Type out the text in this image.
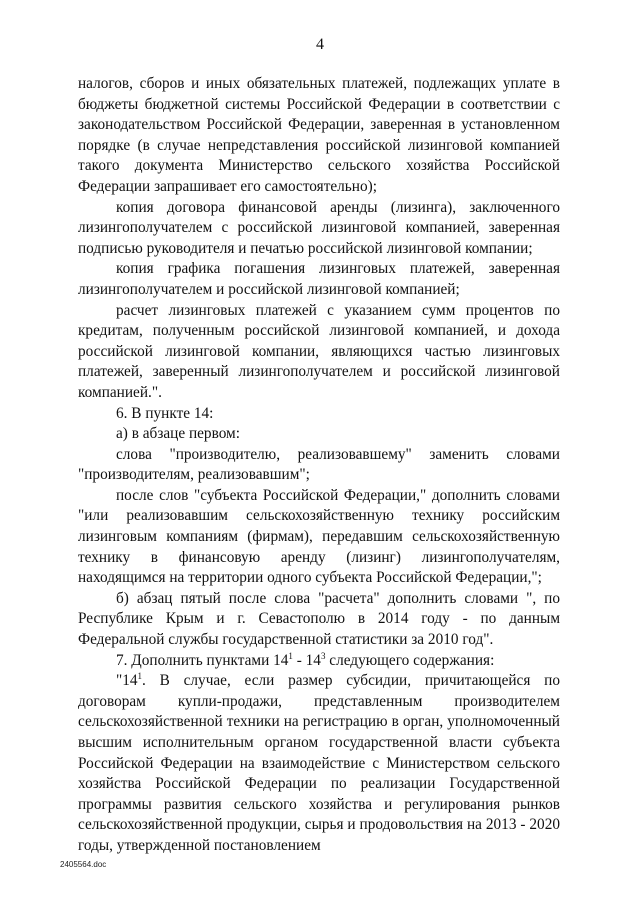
4

налогов, сборов и иных обязательных платежей, подлежащих уплате в бюджеты бюджетной системы Российской Федерации в соответствии с законодательством Российской Федерации, заверенная в установленном порядке (в случае непредставления российской лизинговой компанией такого документа Министерство сельского хозяйства Российской Федерации запрашивает его самостоятельно);

копия договора финансовой аренды (лизинга), заключенного лизингополучателем с российской лизинговой компанией, заверенная подписью руководителя и печатью российской лизинговой компании;

копия графика погашения лизинговых платежей, заверенная лизингополучателем и российской лизинговой компанией;

расчет лизинговых платежей с указанием сумм процентов по кредитам, полученным российской лизинговой компанией, и дохода российской лизинговой компании, являющихся частью лизинговых платежей, заверенный лизингополучателем и российской лизинговой компанией.".

6. В пункте 14:

а) в абзаце первом:

слова "производителю, реализовавшему" заменить словами "производителям, реализовавшим";

после слов "субъекта Российской Федерации," дополнить словами "или реализовавшим сельскохозяйственную технику российским лизинговым компаниям (фирмам), передавшим сельскохозяйственную технику в финансовую аренду (лизинг) лизингополучателям, находящимся на территории одного субъекта Российской Федерации,";

б) абзац пятый после слова "расчета" дополнить словами ", по Республике Крым и г. Севастополю в 2014 году - по данным Федеральной службы государственной статистики за 2010 год".

7. Дополнить пунктами $14^1 - 14^3$ следующего содержания:

"$14^1$. В случае, если размер субсидии, причитающейся по договорам купли-продажи, представленным производителем сельскохозяйственной техники на регистрацию в орган, уполномоченный высшим исполнительным органом государственной власти субъекта Российской Федерации на взаимодействие с Министерством сельского хозяйства Российской Федерации по реализации Государственной программы развития сельского хозяйства и регулирования рынков сельскохозяйственной продукции, сырья и продовольствия на 2013 - 2020 годы, утвержденной постановлением

2405564.doc
